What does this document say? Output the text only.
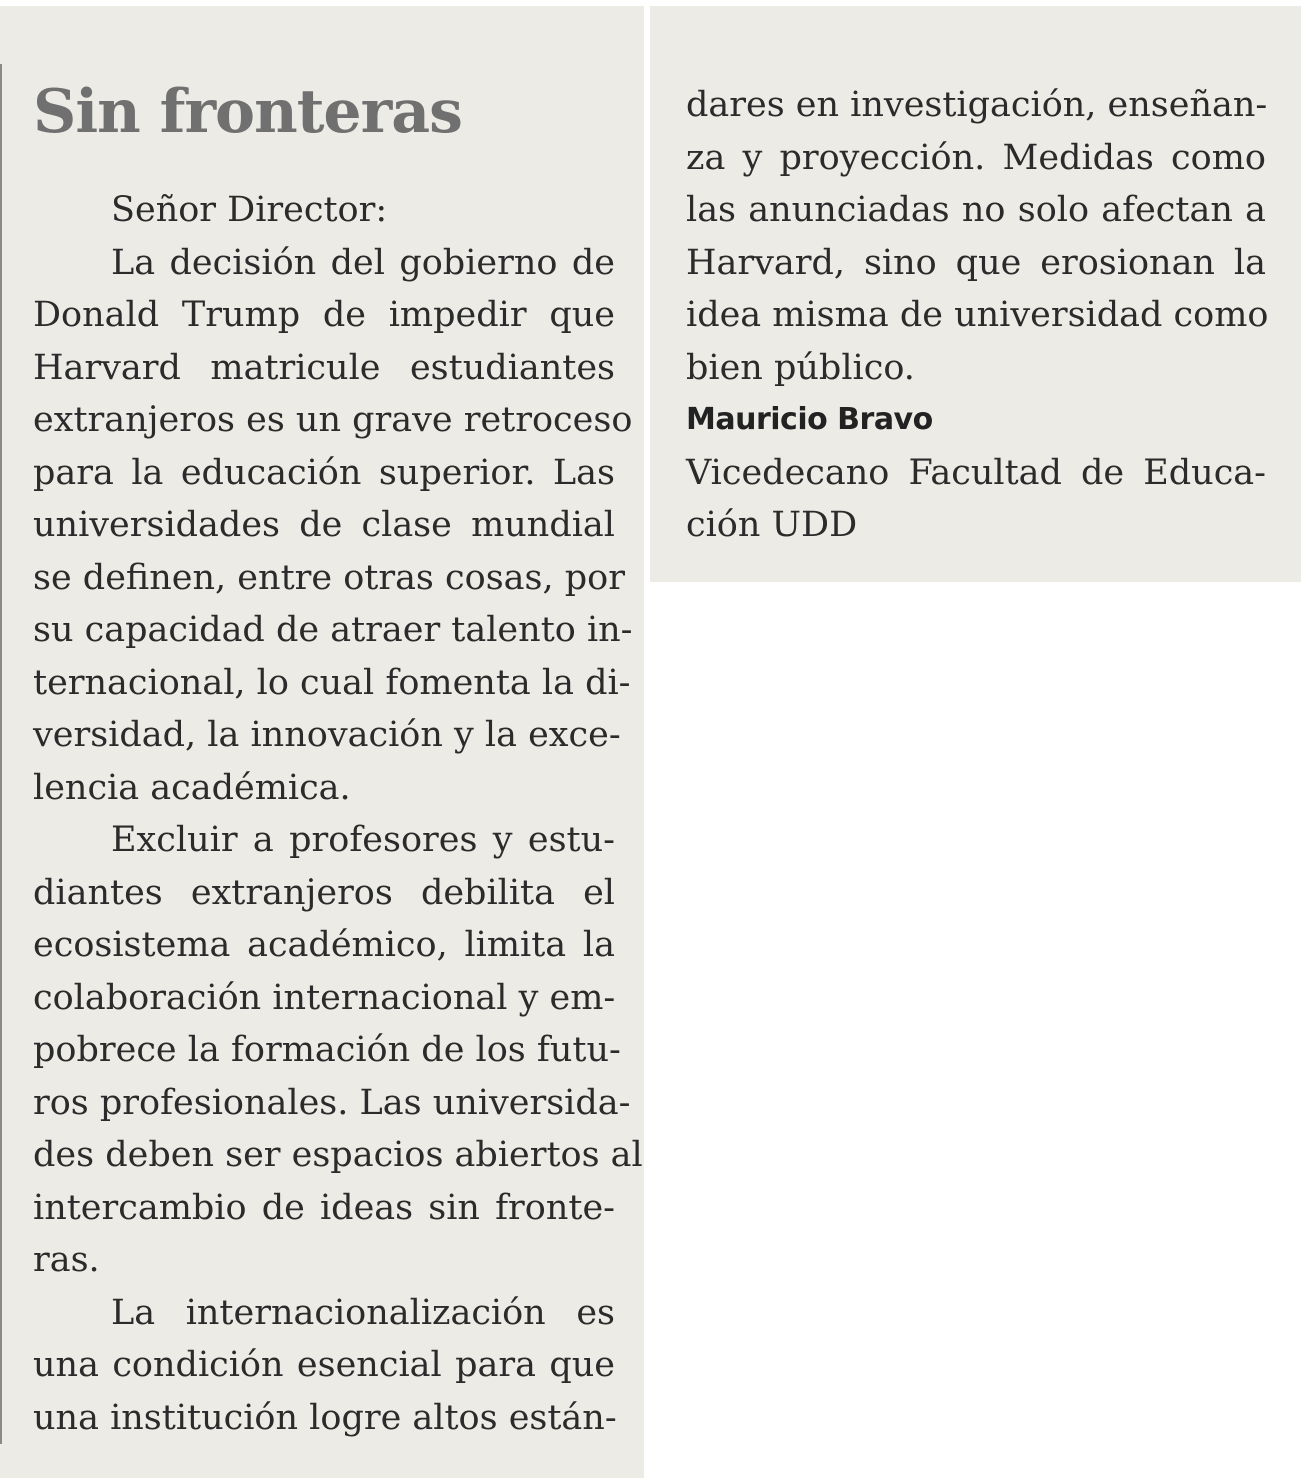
Sin fronteras
Señor Director:
La decisión del gobierno de
Donald Trump de impedir que
Harvard matricule estudiantes
extranjeros es un grave retroceso
para la educación superior. Las
universidades de clase mundial
se definen, entre otras cosas, por
su capacidad de atraer talento in-
ternacional, lo cual fomenta la di-
versidad, la innovación y la exce-
lencia académica.
Excluir a profesores y estu-
diantes extranjeros debilita el
ecosistema académico, limita la
colaboración internacional y em-
pobrece la formación de los futu-
ros profesionales. Las universida-
des deben ser espacios abiertos al
intercambio de ideas sin fronte-
ras.
La internacionalización es
una condición esencial para que
una institución logre altos están-
dares en investigación, enseñan-
za y proyección. Medidas como
las anunciadas no solo afectan a
Harvard, sino que erosionan la
idea misma de universidad como
bien público.
Mauricio Bravo
Vicedecano Facultad de Educa-
ción UDD
